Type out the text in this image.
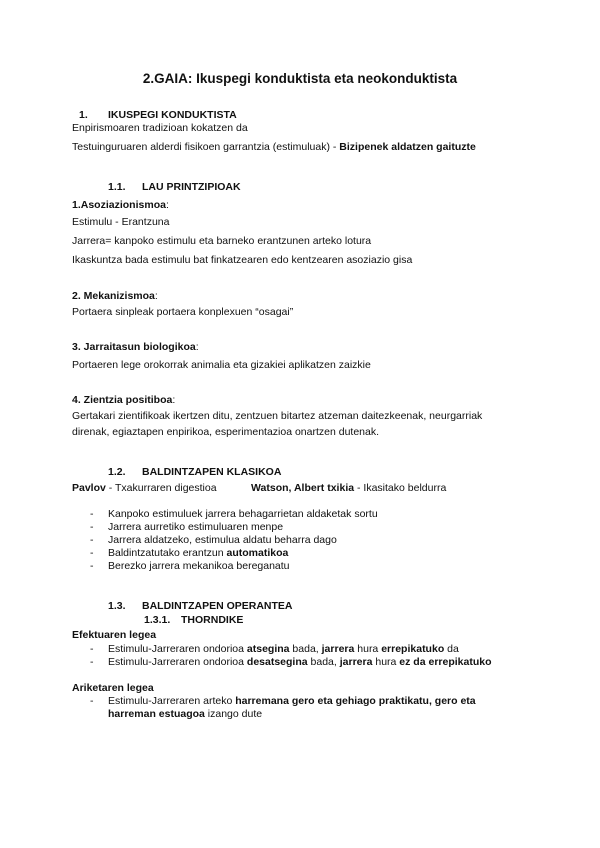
2.GAIA: Ikuspegi konduktista eta neokonduktista
1. IKUSPEGI KONDUKTISTA
Enpirismoaren tradizioan kokatzen da
Testuinguruaren alderdi fisikoen garrantzia (estimuluak) - Bizipenek aldatzen gaituzte
1.1. LAU PRINTZIPIOAK
1.Asoziazionismoa:
Estimulu - Erantzuna
Jarrera= kanpoko estimulu eta barneko erantzunen arteko lotura
Ikaskuntza bada estimulu bat finkatzearen edo kentzearen asoziazio gisa
2. Mekanizismoa:
Portaera sinpleak portaera konplexuen “osagai”
3. Jarraitasun biologikoa:
Portaeren lege orokorrak animalia eta gizakiei aplikatzen zaizkie
4. Zientzia positiboa:
Gertakari zientifikoak ikertzen ditu, zentzuen bitartez atzeman daitezkeenak, neurgarriak
direnak, egiaztapen enpirikoa, esperimentazioa onartzen dutenak.
1.2. BALDINTZAPEN KLASIKOA
Pavlov - Txakurraren digestioa	Watson, Albert txikia - Ikasitako beldurra
-	Kanpoko estimuluek jarrera behagarrietan aldaketak sortu
-	Jarrera aurretiko estimuluaren menpe
-	Jarrera aldatzeko, estimulua aldatu beharra dago
-	Baldintzatutako erantzun automatikoa
-	Berezko jarrera mekanikoa bereganatu
1.3. BALDINTZAPEN OPERANTEA
1.3.1. THORNDIKE
Efektuaren legea
-	Estimulu-Jarreraren ondorioa atsegina bada, jarrera hura errepikatuko da
-	Estimulu-Jarreraren ondorioa desatsegina bada, jarrera hura ez da errepikatuko
Ariketaren legea
-	Estimulu-Jarreraren arteko harremana gero eta gehiago praktikatu, gero eta
harreman estuagoa izango dute
